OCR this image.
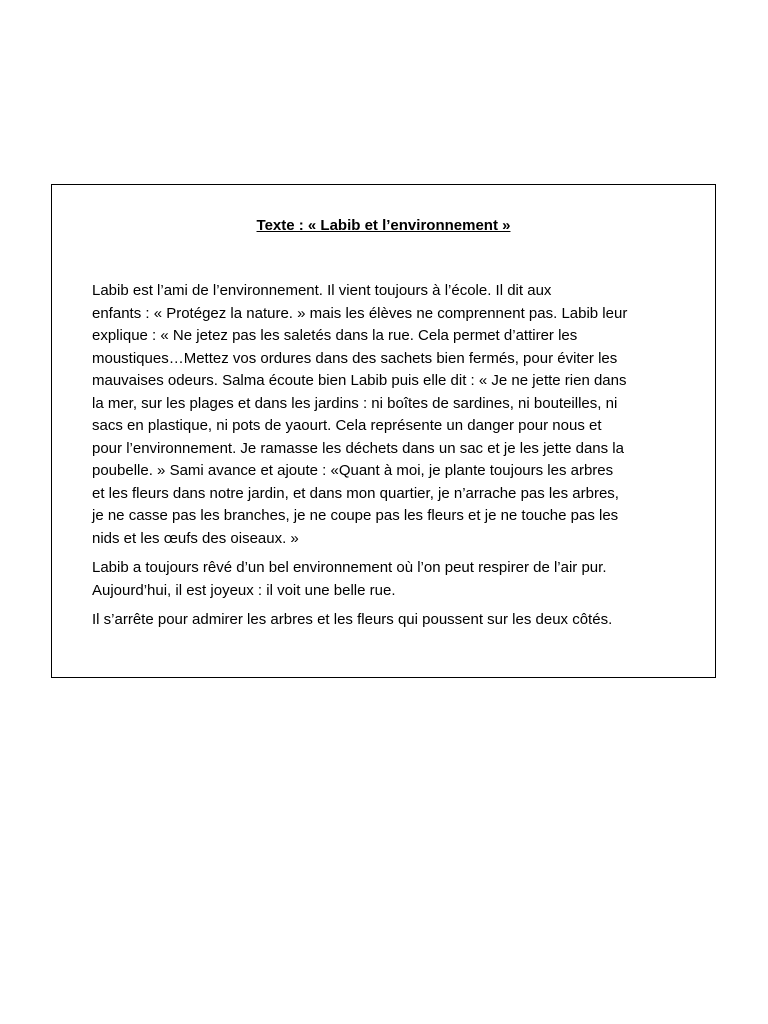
Texte : « Labib et l’environnement »

Labib est l’ami de l’environnement. Il vient toujours à l’école. Il dit aux
enfants : « Protégez la nature. » mais les élèves ne comprennent pas. Labib leur
explique : « Ne jetez pas les saletés dans la rue. Cela permet d’attirer les
moustiques…Mettez vos ordures dans des sachets bien fermés, pour éviter les
mauvaises odeurs. Salma écoute bien Labib puis elle dit : « Je ne jette rien dans
la mer, sur les plages et dans les jardins : ni boîtes de sardines, ni bouteilles, ni
sacs en plastique, ni pots de yaourt. Cela représente un danger pour nous et
pour l’environnement. Je ramasse les déchets dans un sac et je les jette dans la
poubelle. » Sami avance et ajoute : «Quant à moi, je plante toujours les arbres
et les fleurs dans notre jardin, et dans mon quartier, je n’arrache pas les arbres,
je ne casse pas les branches, je ne coupe pas les fleurs et je ne touche pas les
nids et les œufs des oiseaux. »

Labib a toujours rêvé d’un bel environnement où l’on peut respirer de l’air pur.
Aujourd’hui, il est joyeux : il voit une belle rue.

Il s’arrête pour admirer les arbres et les fleurs qui poussent sur les deux côtés.
